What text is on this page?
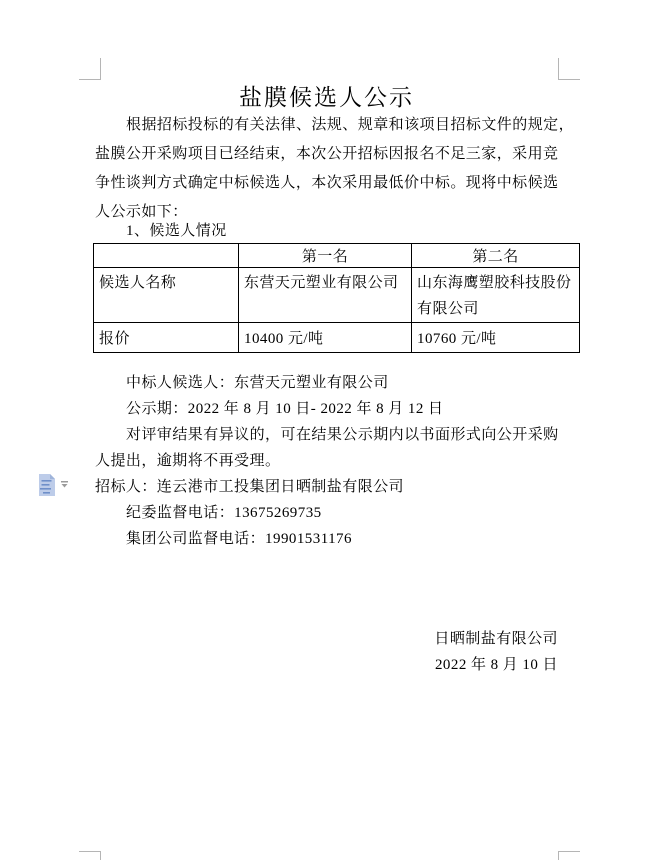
盐膜候选人公示
根据招标投标的有关法律、法规、规章和该项目招标文件的规定，
盐膜公开采购项目已经结束，本次公开招标因报名不足三家，采用竞
争性谈判方式确定中标候选人，本次采用最低价中标。现将中标候选
人公示如下：
1、候选人情况
	第一名	第二名
候选人名称	东营天元塑业有限公司	山东海鹰塑胶科技股份有限公司
报价	10400 元/吨	10760 元/吨
中标人候选人：东营天元塑业有限公司
公示期：2022 年 8 月 10 日- 2022 年 8 月 12 日
对评审结果有异议的，可在结果公示期内以书面形式向公开采购
人提出，逾期将不再受理。
招标人：连云港市工投集团日晒制盐有限公司
纪委监督电话：13675269735
集团公司监督电话：19901531176
日晒制盐有限公司
2022 年 8 月 10 日
